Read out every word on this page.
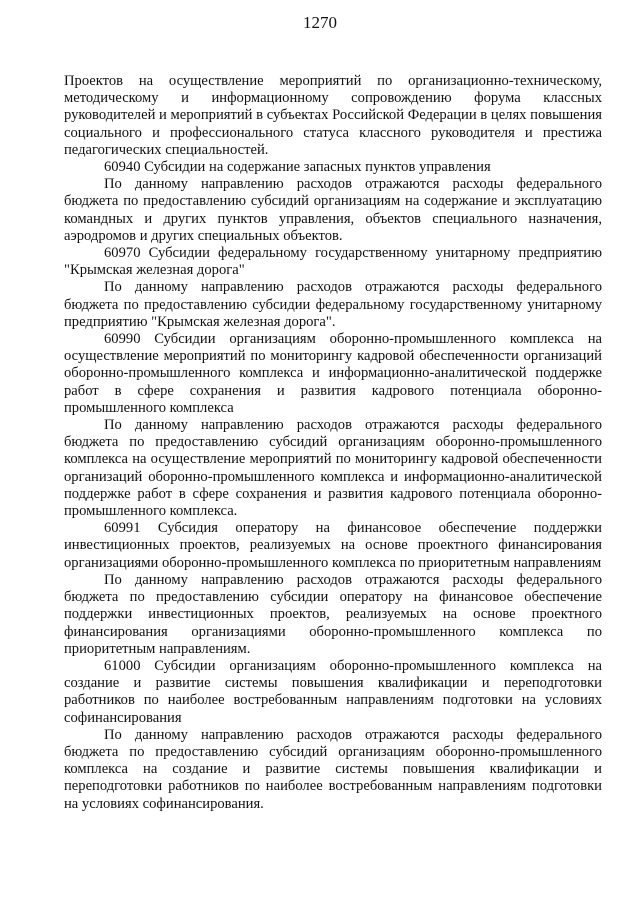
1270

Проектов на осуществление мероприятий по организационно-техническому, методическому и информационному сопровождению форума классных руководителей и мероприятий в субъектах Российской Федерации в целях повышения социального и профессионального статуса классного руководителя и престижа педагогических специальностей.

60940 Субсидии на содержание запасных пунктов управления

По данному направлению расходов отражаются расходы федерального бюджета по предоставлению субсидий организациям на содержание и эксплуатацию командных и других пунктов управления, объектов специального назначения, аэродромов и других специальных объектов.

60970 Субсидии федеральному государственному унитарному предприятию "Крымская железная дорога"

По данному направлению расходов отражаются расходы федерального бюджета по предоставлению субсидии федеральному государственному унитарному предприятию "Крымская железная дорога".

60990 Субсидии организациям оборонно-промышленного комплекса на осуществление мероприятий по мониторингу кадровой обеспеченности организаций оборонно-промышленного комплекса и информационно-аналитической поддержке работ в сфере сохранения и развития кадрового потенциала оборонно-промышленного комплекса

По данному направлению расходов отражаются расходы федерального бюджета по предоставлению субсидий организациям оборонно-промышленного комплекса на осуществление мероприятий по мониторингу кадровой обеспеченности организаций оборонно-промышленного комплекса и информационно-аналитической поддержке работ в сфере сохранения и развития кадрового потенциала оборонно-промышленного комплекса.

60991 Субсидия оператору на финансовое обеспечение поддержки инвестиционных проектов, реализуемых на основе проектного финансирования организациями оборонно-промышленного комплекса по приоритетным направлениям

По данному направлению расходов отражаются расходы федерального бюджета по предоставлению субсидии оператору на финансовое обеспечение поддержки инвестиционных проектов, реализуемых на основе проектного финансирования организациями оборонно-промышленного комплекса по приоритетным направлениям.

61000 Субсидии организациям оборонно-промышленного комплекса на создание и развитие системы повышения квалификации и переподготовки работников по наиболее востребованным направлениям подготовки на условиях софинансирования

По данному направлению расходов отражаются расходы федерального бюджета по предоставлению субсидий организациям оборонно-промышленного комплекса на создание и развитие системы повышения квалификации и переподготовки работников по наиболее востребованным направлениям подготовки на условиях софинансирования.
